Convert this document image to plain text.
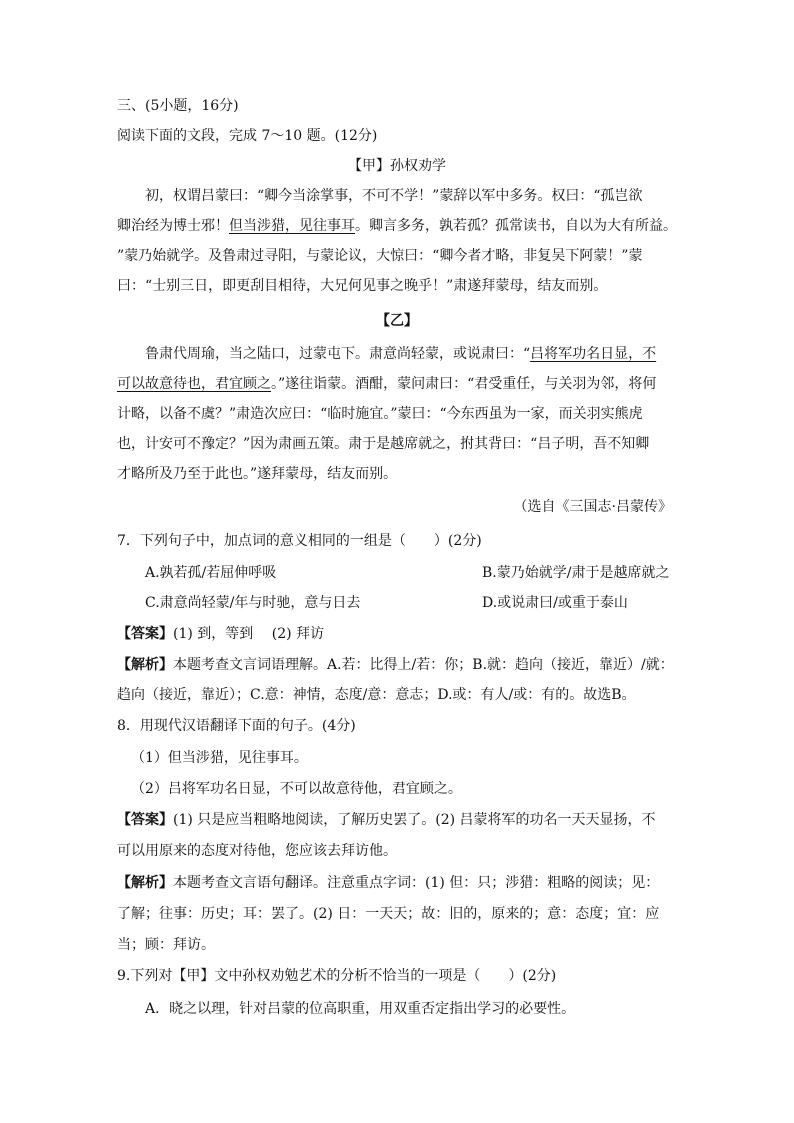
三、(5小题，16分)
阅读下面的文段，完成 7～10 题。(12分)
【甲】孙权劝学
初，权谓吕蒙曰：“卿今当涂掌事，不可不学！”蒙辞以军中多务。权曰：“孤岂欲
卿治经为博士邪！但当涉猎，见往事耳。卿言多务，孰若孤？孤常读书，自以为大有所益。
”蒙乃始就学。及鲁肃过寻阳，与蒙论议，大惊曰：“卿今者才略，非复吴下阿蒙！”蒙
曰：“士别三日，即更刮目相待，大兄何见事之晚乎！”肃遂拜蒙母，结友而别。
【乙】
鲁肃代周瑜，当之陆口，过蒙屯下。肃意尚轻蒙，或说肃曰：“吕将军功名日显，不
可以故意待也，君宜顾之。”遂往诣蒙。酒酣，蒙问肃曰：“君受重任，与关羽为邻，将何
计略，以备不虞？”肃造次应曰：“临时施宜。”蒙曰：“今东西虽为一家，而关羽实熊虎
也，计安可不豫定？”因为肃画五策。肃于是越席就之，拊其背曰：“吕子明，吾不知卿
才略所及乃至于此也。”遂拜蒙母，结友而别。
（选自《三国志·吕蒙传》
7．下列句子中，加点词的意义相同的一组是（　　）(2分)
A.孰若孤/若屈伸呼吸	B.蒙乃始就学/肃于是越席就之
C.肃意尚轻蒙/年与时驰，意与日去	D.或说肃曰/或重于泰山
【答案】(1) 到，等到　 (2) 拜访
【解析】本题考查文言词语理解。A.若：比得上/若：你；B.就：趋向（接近，靠近）/就：
趋向（接近，靠近）；C.意：神情，态度/意：意志；D.或：有人/或：有的。故选B。
8．用现代汉语翻译下面的句子。(4分)
（1）但当涉猎，见往事耳。
（2）吕将军功名日显，不可以故意待他，君宜顾之。
【答案】(1) 只是应当粗略地阅读，了解历史罢了。(2) 吕蒙将军的功名一天天显扬，不
可以用原来的态度对待他，您应该去拜访他。
【解析】本题考查文言语句翻译。注意重点字词：(1) 但：只；涉猎：粗略的阅读；见：
了解；往事：历史；耳：罢了。(2) 日：一天天；故：旧的，原来的；意：态度；宜：应
当；顾：拜访。
9.下列对【甲】文中孙权劝勉艺术的分析不恰当的一项是（　　）(2分)
A．晓之以理，针对吕蒙的位高职重，用双重否定指出学习的必要性。
